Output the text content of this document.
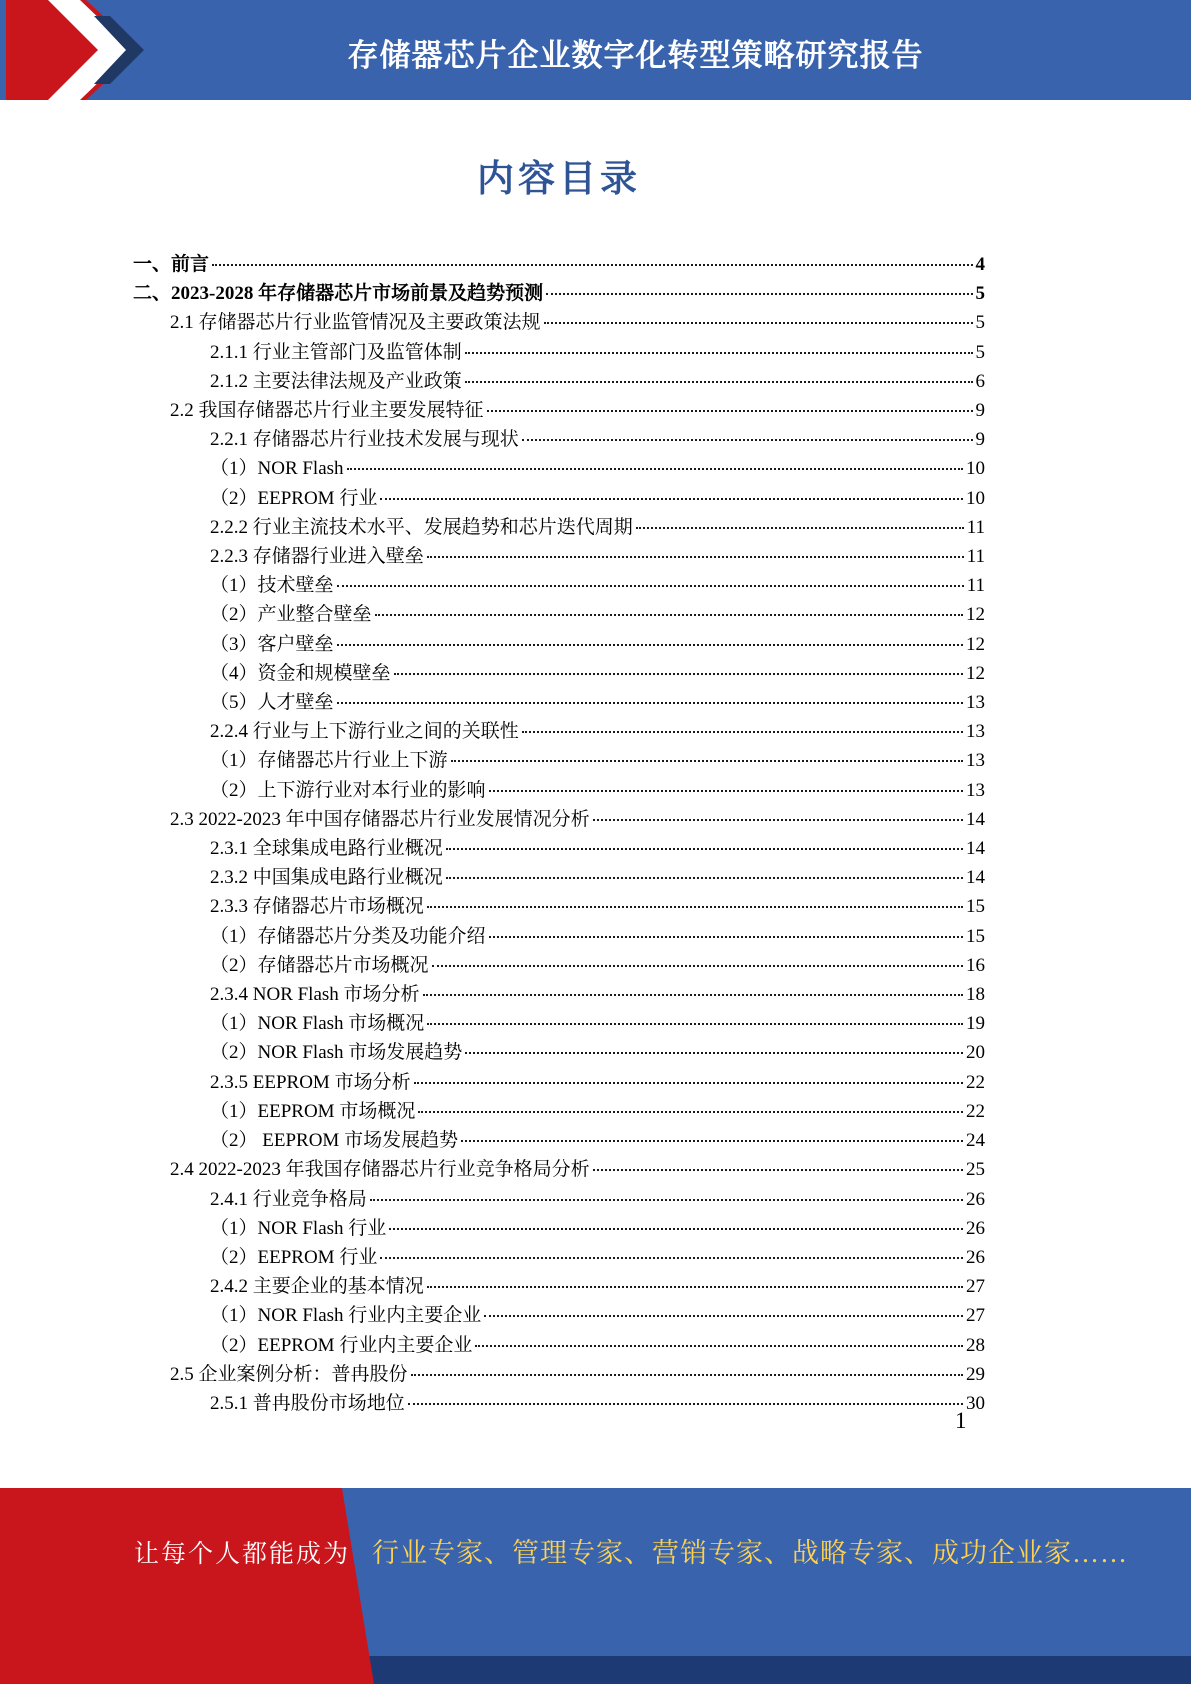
存储器芯片企业数字化转型策略研究报告
内容目录
一、前言	4
二、2023-2028 年存储器芯片市场前景及趋势预测	5
2.1 存储器芯片行业监管情况及主要政策法规	5
2.1.1 行业主管部门及监管体制	5
2.1.2 主要法律法规及产业政策	6
2.2 我国存储器芯片行业主要发展特征	9
2.2.1 存储器芯片行业技术发展与现状	9
（1）NOR Flash	10
（2）EEPROM 行业	10
2.2.2 行业主流技术水平、发展趋势和芯片迭代周期	11
2.2.3 存储器行业进入壁垒	11
（1）技术壁垒	11
（2）产业整合壁垒	12
（3）客户壁垒	12
（4）资金和规模壁垒	12
（5）人才壁垒	13
2.2.4 行业与上下游行业之间的关联性	13
（1）存储器芯片行业上下游	13
（2）上下游行业对本行业的影响	13
2.3 2022-2023 年中国存储器芯片行业发展情况分析	14
2.3.1 全球集成电路行业概况	14
2.3.2 中国集成电路行业概况	14
2.3.3 存储器芯片市场概况	15
（1）存储器芯片分类及功能介绍	15
（2）存储器芯片市场概况	16
2.3.4 NOR Flash 市场分析	18
（1）NOR Flash 市场概况	19
（2）NOR Flash 市场发展趋势	20
2.3.5 EEPROM 市场分析	22
（1）EEPROM 市场概况	22
（2） EEPROM 市场发展趋势	24
2.4 2022-2023 年我国存储器芯片行业竞争格局分析	25
2.4.1 行业竞争格局	26
（1）NOR Flash 行业	26
（2）EEPROM 行业	26
2.4.2 主要企业的基本情况	27
（1）NOR Flash 行业内主要企业	27
（2）EEPROM 行业内主要企业	28
2.5 企业案例分析：普冉股份	29
2.5.1 普冉股份市场地位	30
1
让每个人都能成为 行业专家、管理专家、营销专家、战略专家、成功企业家……
